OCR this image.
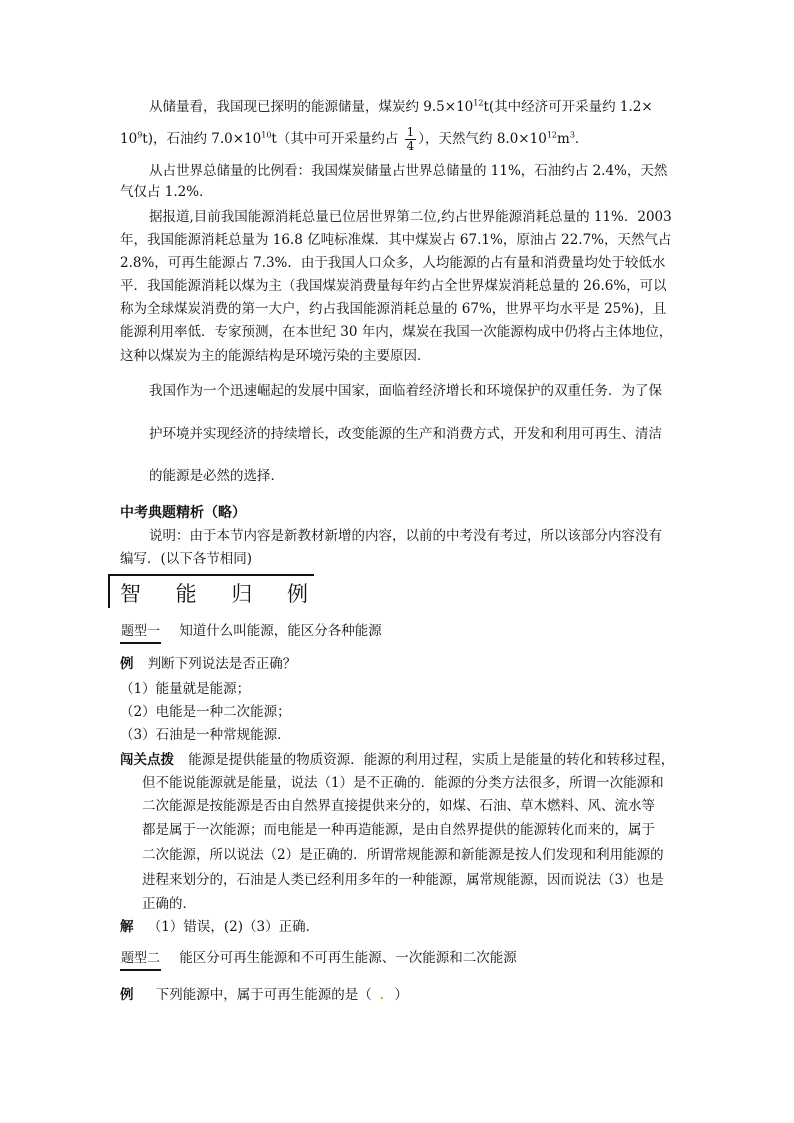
从储量看，我国现已探明的能源储量，煤炭约 $9.5\times 10^{12}t$(其中经济可开采量约 1.2×
$10^9t$)，石油约 $7.0\times 10^{10}t$（其中可开采量约占 $\frac{1}{4}$ ），天然气约 $8.0\times 10^{12}m^3$．
从占世界总储量的比例看：我国煤炭储量占世界总储量的 11%，石油约占 2.4%，天然
气仅占 1.2%．
据报道,目前我国能源消耗总量已位居世界第二位,约占世界能源消耗总量的 11%．2003
年，我国能源消耗总量为 16.8 亿吨标准煤．其中煤炭占 67.1%，原油占 22.7%，天然气占
2.8%，可再生能源占 7.3%．由于我国人口众多，人均能源的占有量和消费量均处于较低水
平．我国能源消耗以煤为主（我国煤炭消费量每年约占全世界煤炭消耗总量的 26.6%，可以
称为全球煤炭消费的第一大户，约占我国能源消耗总量的 67%，世界平均水平是 25%)，且
能源利用率低．专家预测，在本世纪 30 年内，煤炭在我国一次能源构成中仍将占主体地位，
这种以煤炭为主的能源结构是环境污染的主要原因．
我国作为一个迅速崛起的发展中国家，面临着经济增长和环境保护的双重任务．为了保
护环境并实现经济的持续增长，改变能源的生产和消费方式，开发和利用可再生、清洁
的能源是必然的选择．
中考典题精析（略）
说明：由于本节内容是新教材新增的内容，以前的中考没有考过，所以该部分内容没有
编写．(以下各节相同)
智 能 归 例
题型一 知道什么叫能源，能区分各种能源
例 判断下列说法是否正确？
（1）能量就是能源；
（2）电能是一种二次能源；
（3）石油是一种常规能源．
闯关点拨 能源是提供能量的物质资源．能源的利用过程，实质上是能量的转化和转移过程，
但不能说能源就是能量，说法（1）是不正确的．能源的分类方法很多，所谓一次能源和
二次能源是按能源是否由自然界直接提供来分的，如煤、石油、草木燃料、风、流水等
都是属于一次能源；而电能是一种再造能源，是由自然界提供的能源转化而来的，属于
二次能源，所以说法（2）是正确的．所谓常规能源和新能源是按人们发现和利用能源的
进程来划分的，石油是人类已经利用多年的一种能源，属常规能源，因而说法（3）也是
正确的．
解 （1）错误，(2)（3）正确．
题型二 能区分可再生能源和不可再生能源、一次能源和二次能源
例 下列能源中，属于可再生能源的是（ ． ）
